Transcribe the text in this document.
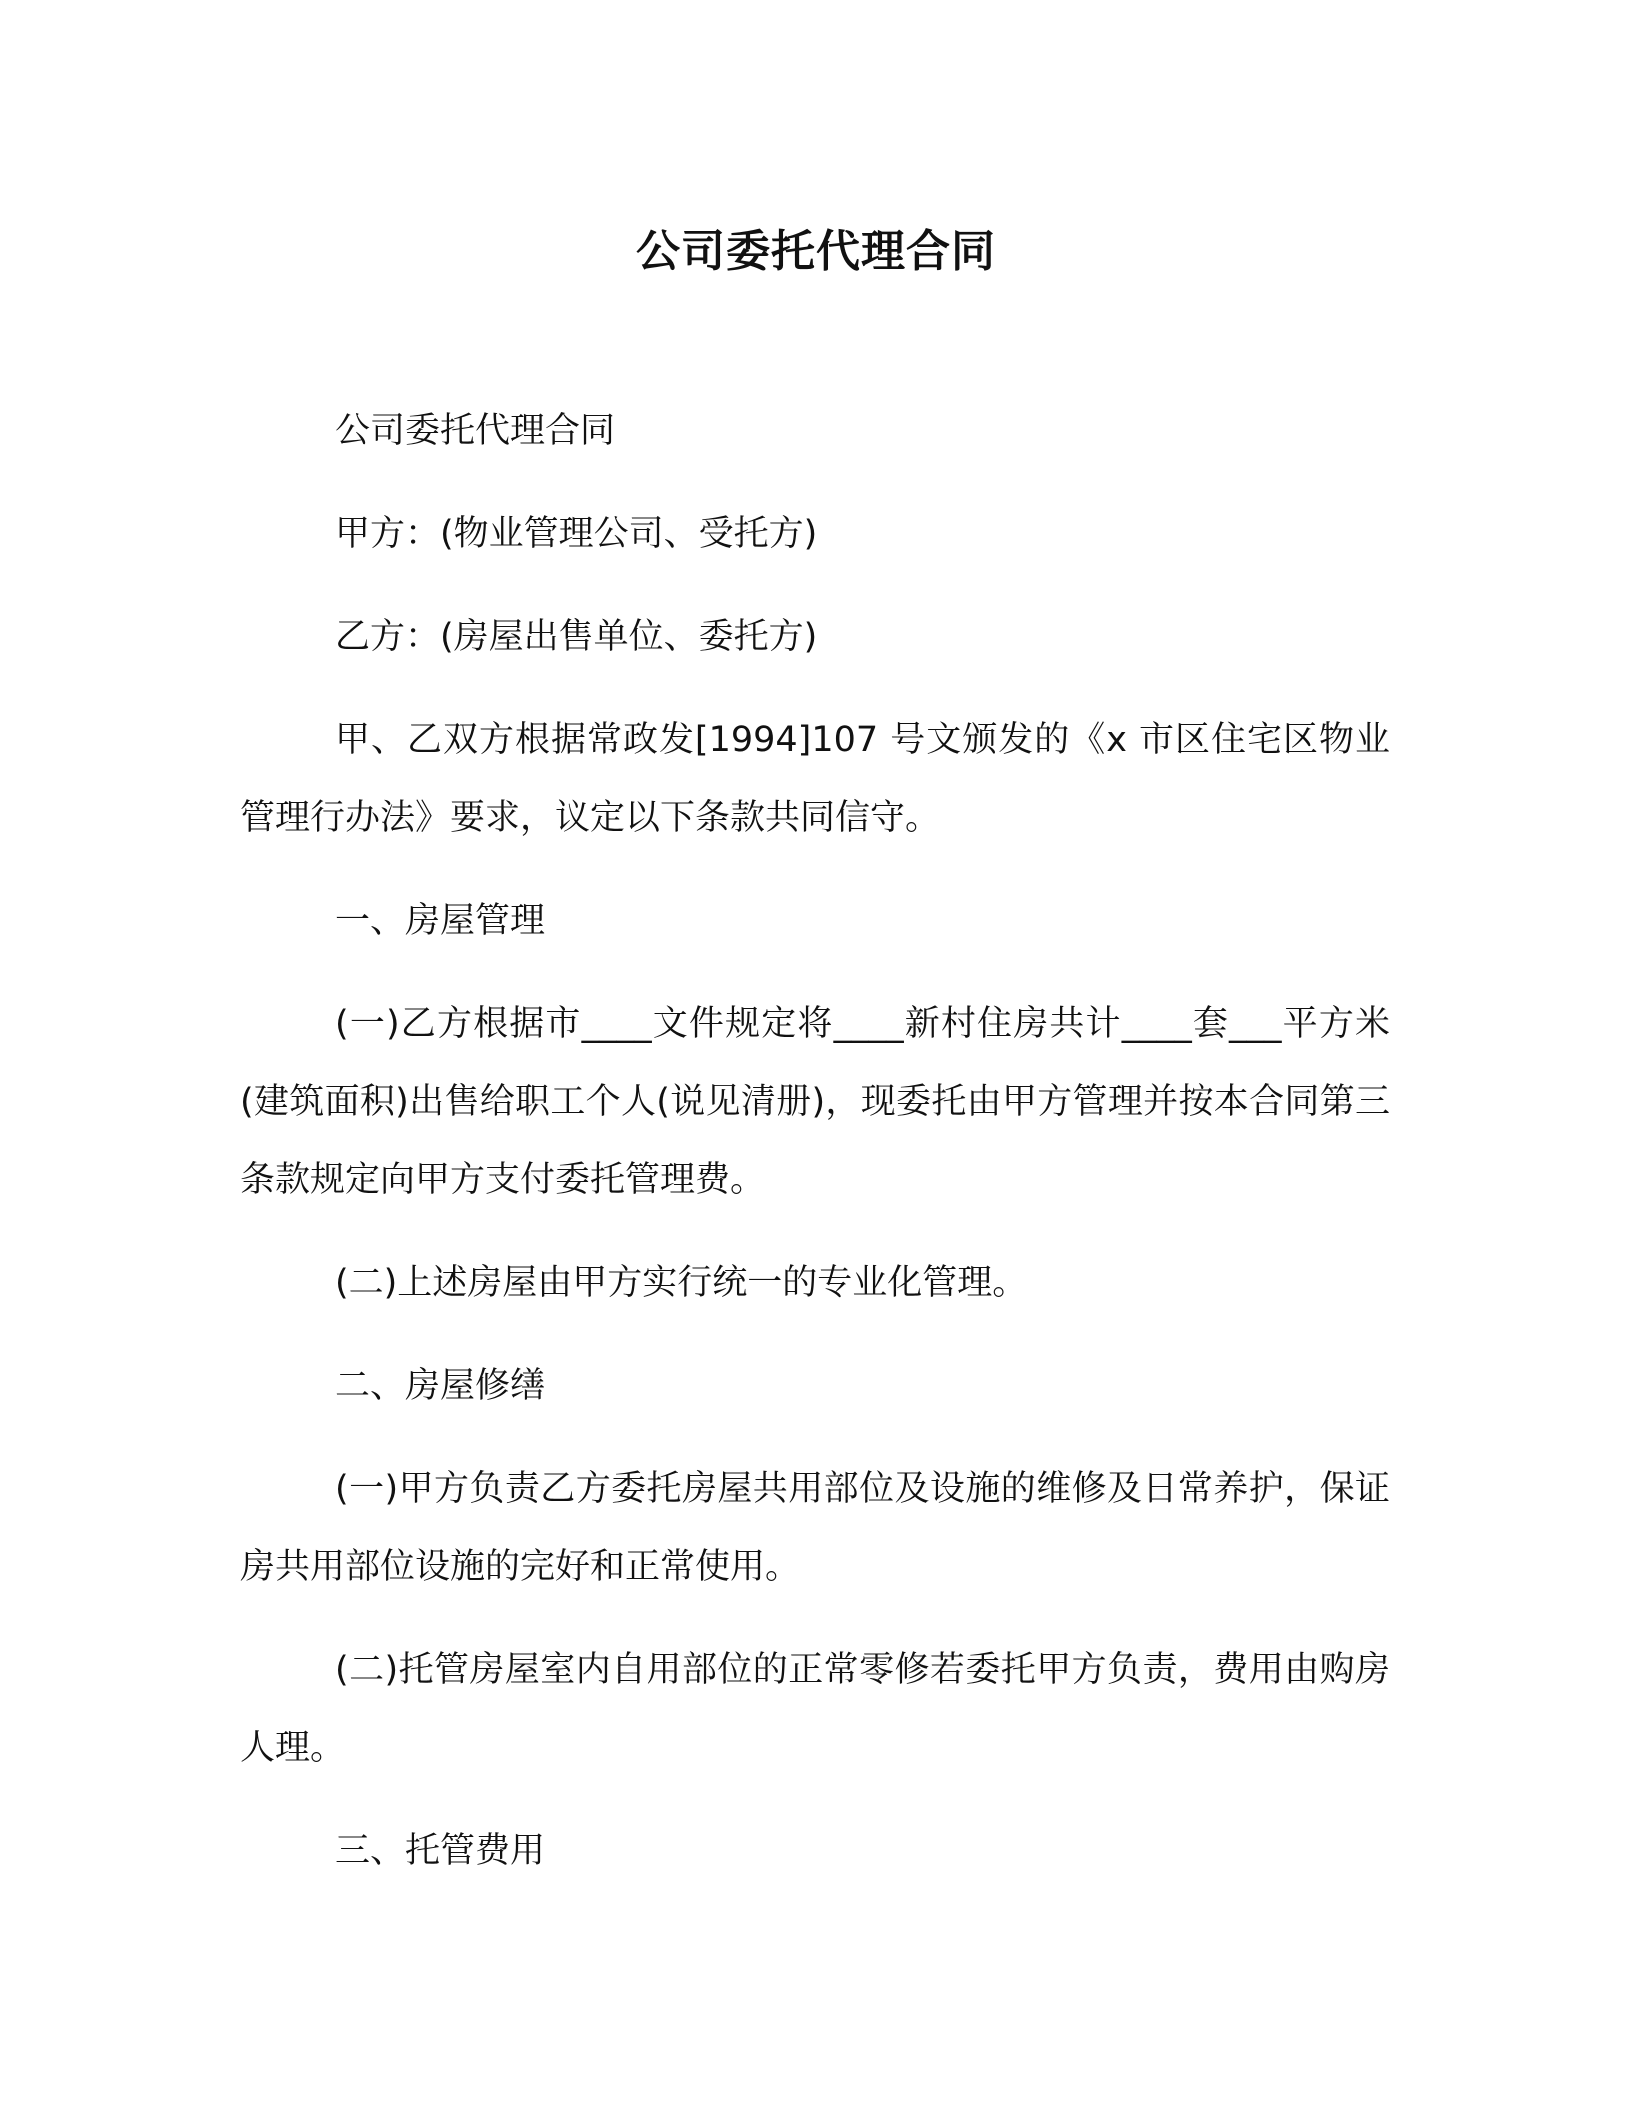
公司委托代理合同

公司委托代理合同

甲方：(物业管理公司、受托方)

乙方：(房屋出售单位、委托方)

甲、乙双方根据常政发[1994]107 号文颁发的《x 市区住宅区物业管理行办法》要求，议定以下条款共同信守。

一、房屋管理

(一)乙方根据市____文件规定将____新村住房共计____套___平方米(建筑面积)出售给职工个人(说见清册)，现委托由甲方管理并按本合同第三条款规定向甲方支付委托管理费。

(二)上述房屋由甲方实行统一的专业化管理。

二、房屋修缮

(一)甲方负责乙方委托房屋共用部位及设施的维修及日常养护，保证房共用部位设施的完好和正常使用。

(二)托管房屋室内自用部位的正常零修若委托甲方负责，费用由购房人理。

三、托管费用
